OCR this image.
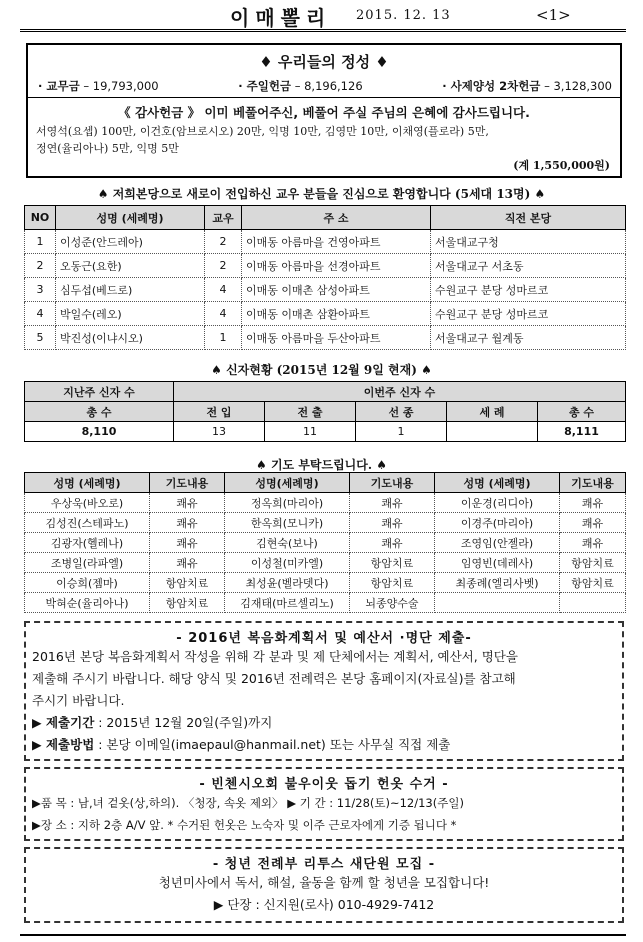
이매뽈리 2015. 12. 13	<1>
♦ 우리들의 정성 ♦
· 교무금 – 19,793,000	· 주일헌금 – 8,196,126	· 사제양성 2차헌금 – 3,128,300
《 감사헌금 》 이미 베풀어주신, 베풀어 주실 주님의 은혜에 감사드립니다.
서영석(요셉) 100만, 이건호(암브로시오) 20만, 익명 10만, 김영만 10만, 이채영(플로라) 5만,
정연(율리아나) 5만, 익명 5만
(계 1,550,000원)
♠ 저희본당으로 새로이 전입하신 교우 분들을 진심으로 환영합니다 (5세대 13명) ♠
NO	성명 (세례명)	교우	주 소	직전 본당
1	이성준(안드레아)	2	이매동 아름마을 건영아파트	서울대교구청
2	오동근(요한)	2	이매동 아름마을 선경아파트	서울대교구 서초동
3	심두섭(베드로)	4	이매동 이매촌 삼성아파트	수원교구 분당 성마르코
4	박일수(레오)	4	이매동 이매촌 삼환아파트	수원교구 분당 성마르코
5	박진성(이냐시오)	1	이매동 아름마을 두산아파트	서울대교구 월계동
♠ 신자현황 (2015년 12월 9일 현재) ♠
지난주 신자 수	이번주 신자 수				
총 수	전 입	전 출	선 종	세 례	총 수
8,110	13	11	1		8,111
♠ 기도 부탁드립니다. ♠
성명 (세례명)	기도내용	성명(세례명)	기도내용	성명 (세례명)	기도내용
우상욱(바오로)	쾌유	정옥희(마리아)	쾌유	이운경(리디아)	쾌유
김성진(스테파노)	쾌유	한옥희(모니카)	쾌유	이경주(마리아)	쾌유
김광자(헬레나)	쾌유	김현숙(보나)	쾌유	조영임(안젤라)	쾌유
조병일(라파엘)	쾌유	이성철(미카엘)	항암치료	임영빈(데레사)	항암치료
이승희(젬마)	항암치료	최성윤(벨라뎃다)	항암치료	최종례(엘리사벳)	항암치료
박혀순(율리아나)	항암치료	김재태(마르셀리노)	뇌종양수술		
- 2016년 복음화계획서 및 예산서 ·명단 제출-

2016년 본당 복음화계획서 작성을 위해 각 분과 및 제 단체에서는 계획서, 예산서, 명단을

제출해 주시기 바랍니다. 해당 양식 및 2016년 전례력은 본당 홈페이지(자료실)를 참고해

주시기 바랍니다.

▶ 제출기간 : 2015년 12월 20일(주일)까지

▶ 제출방법 : 본당 이메일(imaepaul@hanmail.net) 또는 사무실 직접 제출

- 빈첸시오회 불우이웃 돕기 헌옷 수거 -

▶품 목 : 남,녀 겉옷(상,하의). 〈청장, 속옷 제외〉 ▶ 기 간 : 11/28(토)~12/13(주일)

▶장 소 : 지하 2층 A/V 앞. * 수거된 헌옷은 노숙자 및 이주 근로자에게 기증 됩니다 *

- 청년 전례부 리투스 새단원 모집 -

청년미사에서 독서, 해설, 율동을 함께 할 청년을 모집합니다!

▶ 단장 : 신지원(로사) 010-4929-7412
